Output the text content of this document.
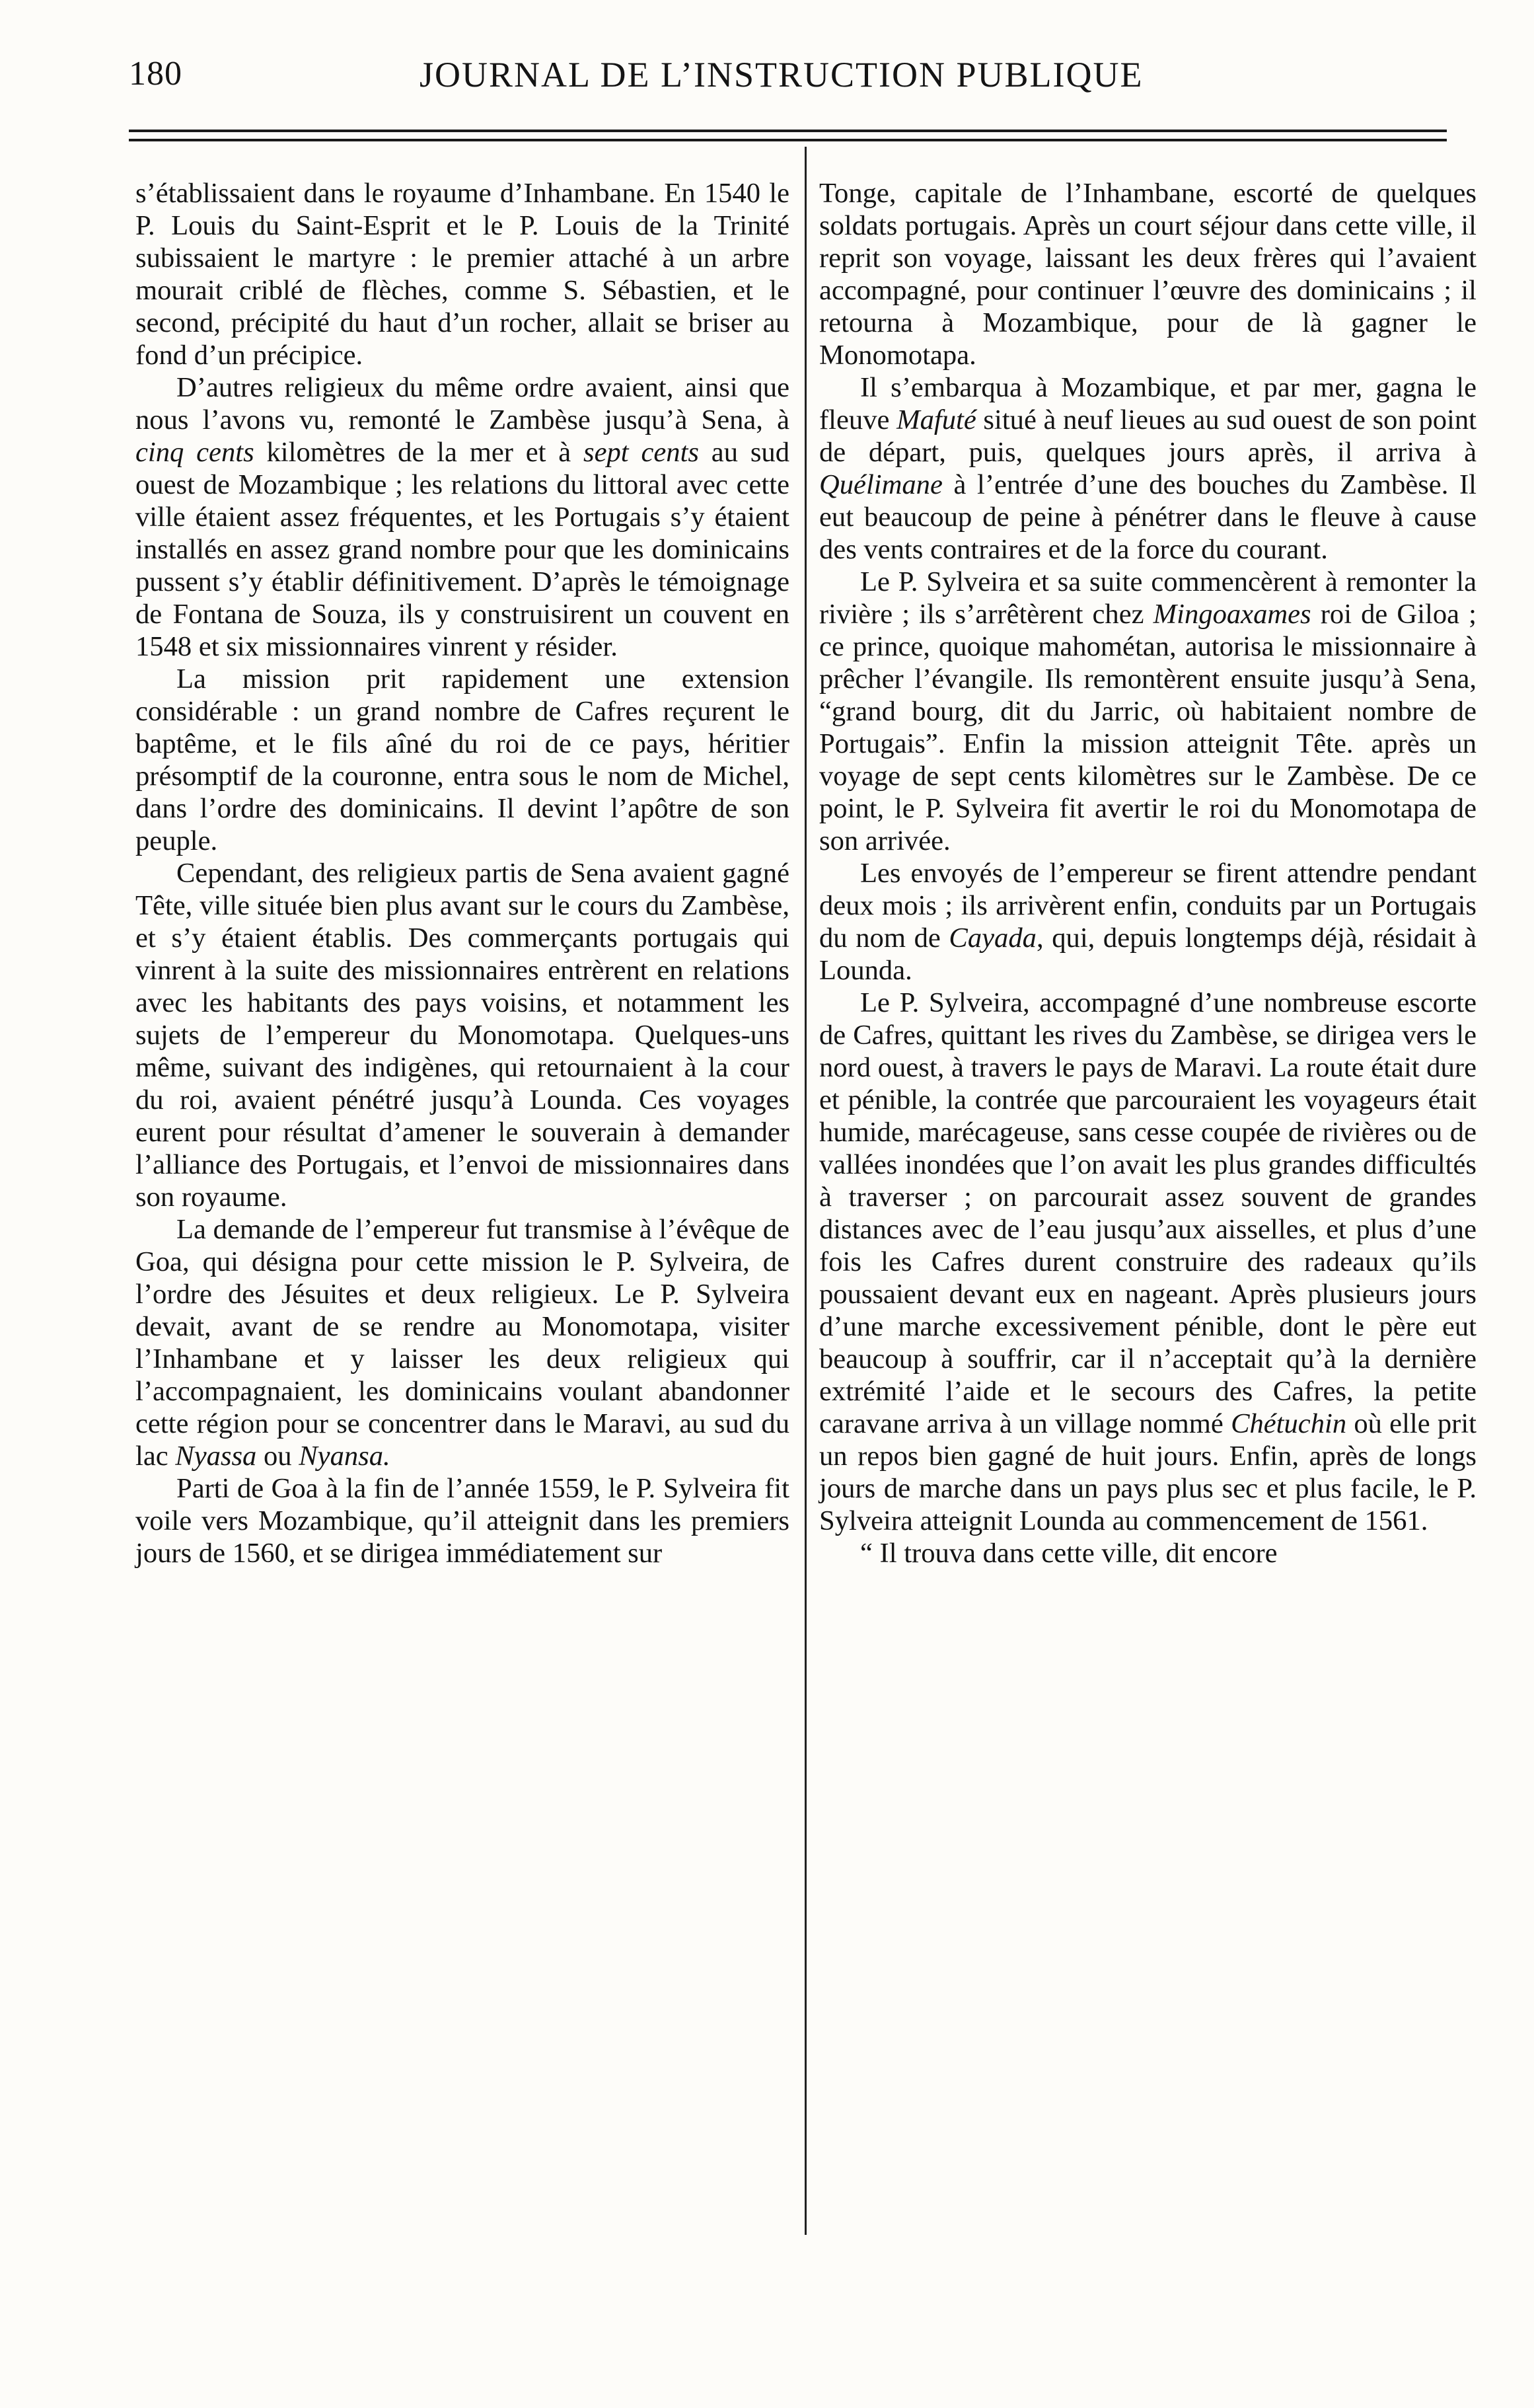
180	JOURNAL DE L’INSTRUCTION PUBLIQUE

s’établissaient dans le royaume d’Inhambane. En 1540 le P. Louis du Saint-Esprit et le P. Louis de la Trinité subissaient le martyre : le premier attaché à un arbre mourait criblé de flèches, comme S. Sébastien, et le second, précipité du haut d’un rocher, allait se briser au fond d’un précipice.

D’autres religieux du même ordre avaient, ainsi que nous l’avons vu, remonté le Zambèse jusqu’à Sena, à cinq cents kilomètres de la mer et à sept cents au sud ouest de Mozambique ; les relations du littoral avec cette ville étaient assez fréquentes, et les Portugais s’y étaient installés en assez grand nombre pour que les dominicains pussent s’y établir définitivement. D’après le témoignage de Fontana de Souza, ils y construisirent un couvent en 1548 et six missionnaires vinrent y résider.

La mission prit rapidement une extension considérable : un grand nombre de Cafres reçurent le baptême, et le fils aîné du roi de ce pays, héritier présomptif de la couronne, entra sous le nom de Michel, dans l’ordre des dominicains. Il devint l’apôtre de son peuple.

Cependant, des religieux partis de Sena avaient gagné Tête, ville située bien plus avant sur le cours du Zambèse, et s’y étaient établis. Des commerçants portugais qui vinrent à la suite des missionnaires entrèrent en relations avec les habitants des pays voisins, et notamment les sujets de l’empereur du Monomotapa. Quelques-uns même, suivant des indigènes, qui retournaient à la cour du roi, avaient pénétré jusqu’à Lounda. Ces voyages eurent pour résultat d’amener le souverain à demander l’alliance des Portugais, et l’envoi de missionnaires dans son royaume.

La demande de l’empereur fut transmise à l’évêque de Goa, qui désigna pour cette mission le P. Sylveira, de l’ordre des Jésuites et deux religieux. Le P. Sylveira devait, avant de se rendre au Monomotapa, visiter l’Inhambane et y laisser les deux religieux qui l’accompagnaient, les dominicains voulant abandonner cette région pour se concentrer dans le Maravi, au sud du lac Nyassa ou Nyansa.

Parti de Goa à la fin de l’année 1559, le P. Sylveira fit voile vers Mozambique, qu’il atteignit dans les premiers jours de 1560, et se dirigea immédiatement sur

Tonge, capitale de l’Inhambane, escorté de quelques soldats portugais. Après un court séjour dans cette ville, il reprit son voyage, laissant les deux frères qui l’avaient accompagné, pour continuer l’œuvre des dominicains ; il retourna à Mozambique, pour de là gagner le Monomotapa.

Il s’embarqua à Mozambique, et par mer, gagna le fleuve Mafuté situé à neuf lieues au sud ouest de son point de départ, puis, quelques jours après, il arriva à Quélimane à l’entrée d’une des bouches du Zambèse. Il eut beaucoup de peine à pénétrer dans le fleuve à cause des vents contraires et de la force du courant.

Le P. Sylveira et sa suite commencèrent à remonter la rivière ; ils s’arrêtèrent chez Mingoaxames roi de Giloa ; ce prince, quoique mahométan, autorisa le missionnaire à prêcher l’évangile. Ils remontèrent ensuite jusqu’à Sena, “grand bourg, dit du Jarric, où habitaient nombre de Portugais”. Enfin la mission atteignit Tête. après un voyage de sept cents kilomètres sur le Zambèse. De ce point, le P. Sylveira fit avertir le roi du Monomotapa de son arrivée.

Les envoyés de l’empereur se firent attendre pendant deux mois ; ils arrivèrent enfin, conduits par un Portugais du nom de Cayada, qui, depuis longtemps déjà, résidait à Lounda.

Le P. Sylveira, accompagné d’une nombreuse escorte de Cafres, quittant les rives du Zambèse, se dirigea vers le nord ouest, à travers le pays de Maravi. La route était dure et pénible, la contrée que parcouraient les voyageurs était humide, marécageuse, sans cesse coupée de rivières ou de vallées inondées que l’on avait les plus grandes difficultés à traverser ; on parcourait assez souvent de grandes distances avec de l’eau jusqu’aux aisselles, et plus d’une fois les Cafres durent construire des radeaux qu’ils poussaient devant eux en nageant. Après plusieurs jours d’une marche excessivement pénible, dont le père eut beaucoup à souffrir, car il n’acceptait qu’à la dernière extrémité l’aide et le secours des Cafres, la petite caravane arriva à un village nommé Chétuchin où elle prit un repos bien gagné de huit jours. Enfin, après de longs jours de marche dans un pays plus sec et plus facile, le P. Sylveira atteignit Lounda au commencement de 1561.

“ Il trouva dans cette ville, dit encore
